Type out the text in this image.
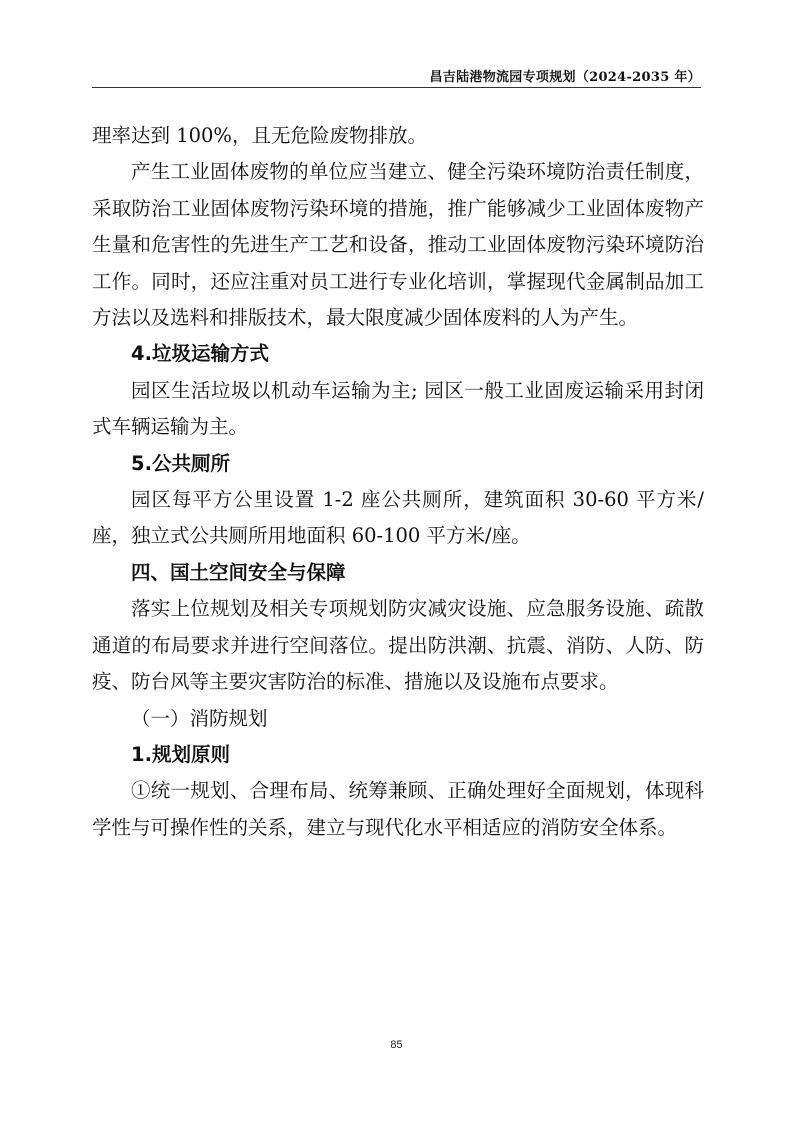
昌吉陆港物流园专项规划（2024-2035 年）

理率达到 100%，且无危险废物排放。

产生工业固体废物的单位应当建立、健全污染环境防治责任制度，采取防治工业固体废物污染环境的措施，推广能够减少工业固体废物产生量和危害性的先进生产工艺和设备，推动工业固体废物污染环境防治工作。同时，还应注重对员工进行专业化培训，掌握现代金属制品加工方法以及选料和排版技术，最大限度减少固体废料的人为产生。

4.垃圾运输方式

园区生活垃圾以机动车运输为主; 园区一般工业固废运输采用封闭式车辆运输为主。

5.公共厕所

园区每平方公里设置 1-2 座公共厕所，建筑面积 30-60 平方米/座，独立式公共厕所用地面积 60-100 平方米/座。

四、国土空间安全与保障

落实上位规划及相关专项规划防灾减灾设施、应急服务设施、疏散通道的布局要求并进行空间落位。提出防洪潮、抗震、消防、人防、防疫、防台风等主要灾害防治的标准、措施以及设施布点要求。

（一）消防规划

1.规划原则

①统一规划、合理布局、统筹兼顾、正确处理好全面规划，体现科学性与可操作性的关系，建立与现代化水平相适应的消防安全体系。

85
